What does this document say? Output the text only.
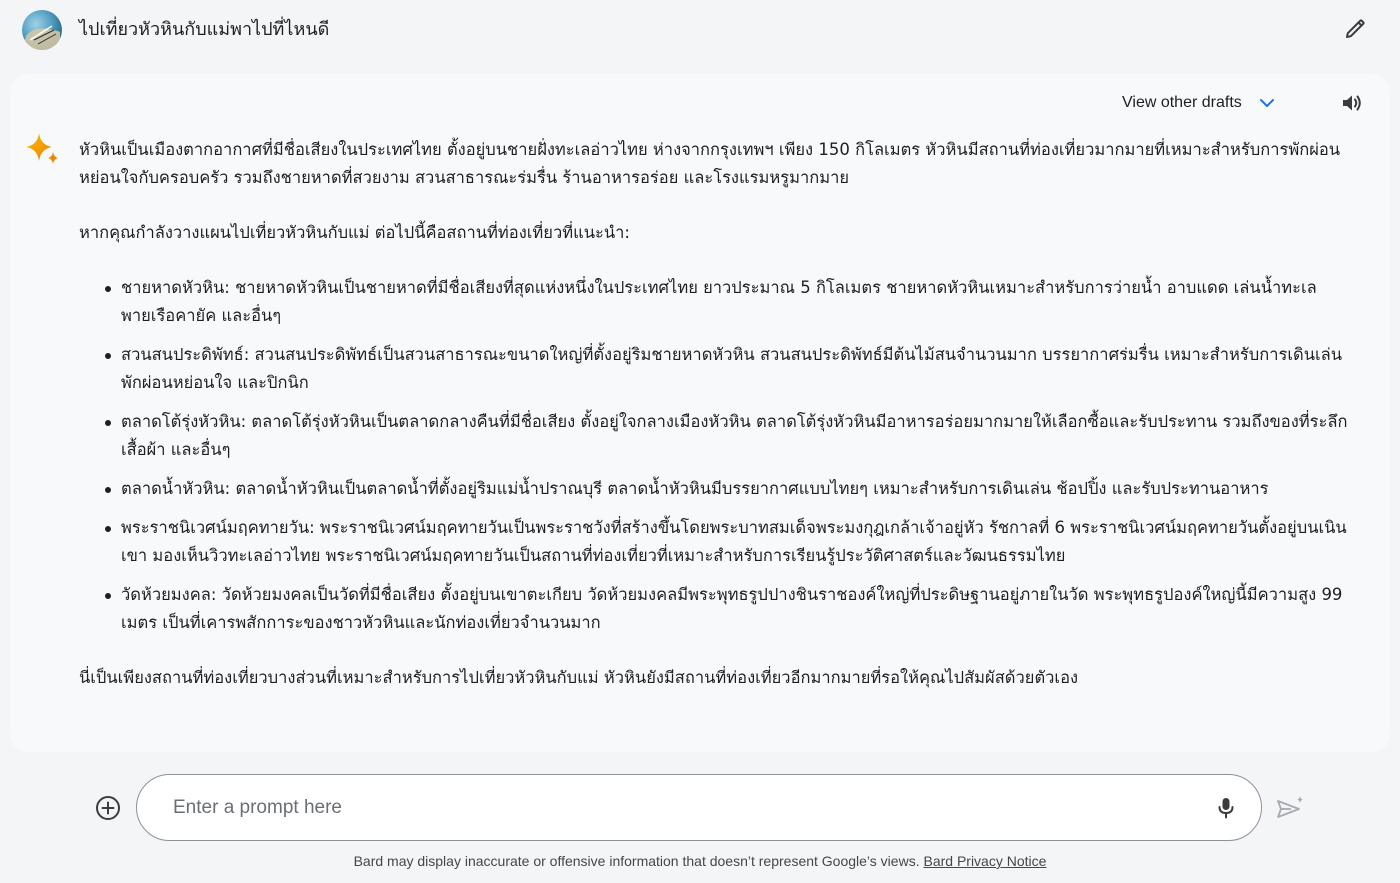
ไปเที่ยวหัวหินกับแม่พาไปที่ไหนดี
View other drafts

หัวหินเป็นเมืองตากอากาศที่มีชื่อเสียงในประเทศไทย ตั้งอยู่บนชายฝั่งทะเลอ่าวไทย ห่างจากกรุงเทพฯ เพียง 150 กิโลเมตร หัวหินมีสถานที่ท่องเที่ยวมากมายที่เหมาะสำหรับการพักผ่อนหย่อนใจกับครอบครัว รวมถึงชายหาดที่สวยงาม สวนสาธารณะร่มรื่น ร้านอาหารอร่อย และโรงแรมหรูมากมาย

หากคุณกำลังวางแผนไปเที่ยวหัวหินกับแม่ ต่อไปนี้คือสถานที่ท่องเที่ยวที่แนะนำ:

ชายหาดหัวหิน: ชายหาดหัวหินเป็นชายหาดที่มีชื่อเสียงที่สุดแห่งหนึ่งในประเทศไทย ยาวประมาณ 5 กิโลเมตร ชายหาดหัวหินเหมาะสำหรับการว่ายน้ำ อาบแดด เล่นน้ำทะเล พายเรือคายัค และอื่นๆ
สวนสนประดิพัทธ์: สวนสนประดิพัทธ์เป็นสวนสาธารณะขนาดใหญ่ที่ตั้งอยู่ริมชายหาดหัวหิน สวนสนประดิพัทธ์มีต้นไม้สนจำนวนมาก บรรยากาศร่มรื่น เหมาะสำหรับการเดินเล่น พักผ่อนหย่อนใจ และปิกนิก
ตลาดโต้รุ่งหัวหิน: ตลาดโต้รุ่งหัวหินเป็นตลาดกลางคืนที่มีชื่อเสียง ตั้งอยู่ใจกลางเมืองหัวหิน ตลาดโต้รุ่งหัวหินมีอาหารอร่อยมากมายให้เลือกซื้อและรับประทาน รวมถึงของที่ระลึก เสื้อผ้า และอื่นๆ
ตลาดน้ำหัวหิน: ตลาดน้ำหัวหินเป็นตลาดน้ำที่ตั้งอยู่ริมแม่น้ำปราณบุรี ตลาดน้ำหัวหินมีบรรยากาศแบบไทยๆ เหมาะสำหรับการเดินเล่น ช้อปปิ้ง และรับประทานอาหาร
พระราชนิเวศน์มฤคทายวัน: พระราชนิเวศน์มฤคทายวันเป็นพระราชวังที่สร้างขึ้นโดยพระบาทสมเด็จพระมงกุฎเกล้าเจ้าอยู่หัว รัชกาลที่ 6 พระราชนิเวศน์มฤคทายวันตั้งอยู่บนเนินเขา มองเห็นวิวทะเลอ่าวไทย พระราชนิเวศน์มฤคทายวันเป็นสถานที่ท่องเที่ยวที่เหมาะสำหรับการเรียนรู้ประวัติศาสตร์และวัฒนธรรมไทย
วัดห้วยมงคล: วัดห้วยมงคลเป็นวัดที่มีชื่อเสียง ตั้งอยู่บนเขาตะเกียบ วัดห้วยมงคลมีพระพุทธรูปปางชินราชองค์ใหญ่ที่ประดิษฐานอยู่ภายในวัด พระพุทธรูปองค์ใหญ่นี้มีความสูง 99 เมตร เป็นที่เคารพสักการะของชาวหัวหินและนักท่องเที่ยวจำนวนมาก

นี่เป็นเพียงสถานที่ท่องเที่ยวบางส่วนที่เหมาะสำหรับการไปเที่ยวหัวหินกับแม่ หัวหินยังมีสถานที่ท่องเที่ยวอีกมากมายที่รอให้คุณไปสัมผัสด้วยตัวเอง

Enter a prompt here
Bard may display inaccurate or offensive information that doesn’t represent Google’s views. Bard Privacy Notice
